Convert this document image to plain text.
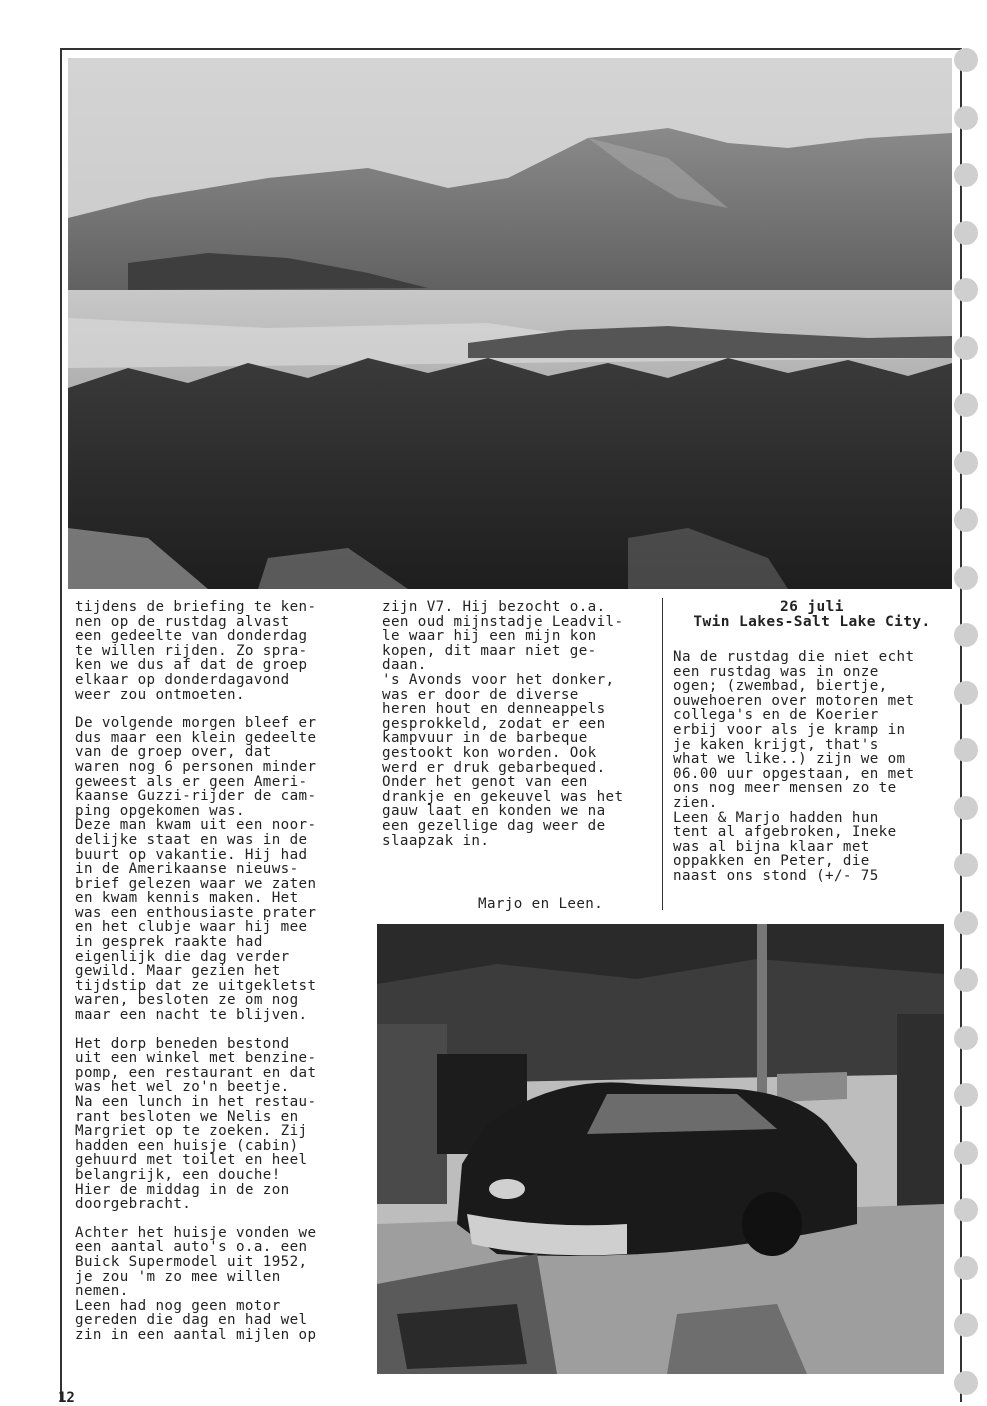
tijdens de briefing te ken-
nen op de rustdag alvast
een gedeelte van donderdag
te willen rijden. Zo spra-
ken we dus af dat de groep
elkaar op donderdagavond
weer zou ontmoeten.

De volgende morgen bleef er
dus maar een klein gedeelte
van de groep over, dat
waren nog 6 personen minder
geweest als er geen Ameri-
kaanse Guzzi-rijder de cam-
ping opgekomen was.
Deze man kwam uit een noor-
delijke staat en was in de
buurt op vakantie. Hij had
in de Amerikaanse nieuws-
brief gelezen waar we zaten
en kwam kennis maken. Het
was een enthousiaste prater
en het clubje waar hij mee
in gesprek raakte had
eigenlijk die dag verder
gewild. Maar gezien het
tijdstip dat ze uitgekletst
waren, besloten ze om nog
maar een nacht te blijven.

Het dorp beneden bestond
uit een winkel met benzine-
pomp, een restaurant en dat
was het wel zo'n beetje.
Na een lunch in het restau-
rant besloten we Nelis en
Margriet op te zoeken. Zij
hadden een huisje (cabin)
gehuurd met toilet en heel
belangrijk, een douche!
Hier de middag in de zon
doorgebracht.

Achter het huisje vonden we
een aantal auto's o.a. een
Buick Supermodel uit 1952,
je zou 'm zo mee willen
nemen.
Leen had nog geen motor
gereden die dag en had wel
zin in een aantal mijlen op

zijn V7. Hij bezocht o.a.
een oud mijnstadje Leadvil-
le waar hij een mijn kon
kopen, dit maar niet ge-
daan.
's Avonds voor het donker,
was er door de diverse
heren hout en denneappels
gesprokkeld, zodat er een
kampvuur in de barbeque
gestookt kon worden. Ook
werd er druk gebarbequed.
Onder het genot van een
drankje en gekeuvel was het
gauw laat en konden we na
een gezellige dag weer de
slaapzak in.

Marjo en Leen.
26 juli
Twin Lakes-Salt Lake City.

Na de rustdag die niet echt
een rustdag was in onze
ogen; (zwembad, biertje,
ouwehoeren over motoren met
collega's en de Koerier
erbij voor als je kramp in
je kaken krijgt, that's
what we like..) zijn we om
06.00 uur opgestaan, en met
ons nog meer mensen zo te
zien.
Leen & Marjo hadden hun
tent al afgebroken, Ineke
was al bijna klaar met
oppakken en Peter, die
naast ons stond (+/- 75

12
